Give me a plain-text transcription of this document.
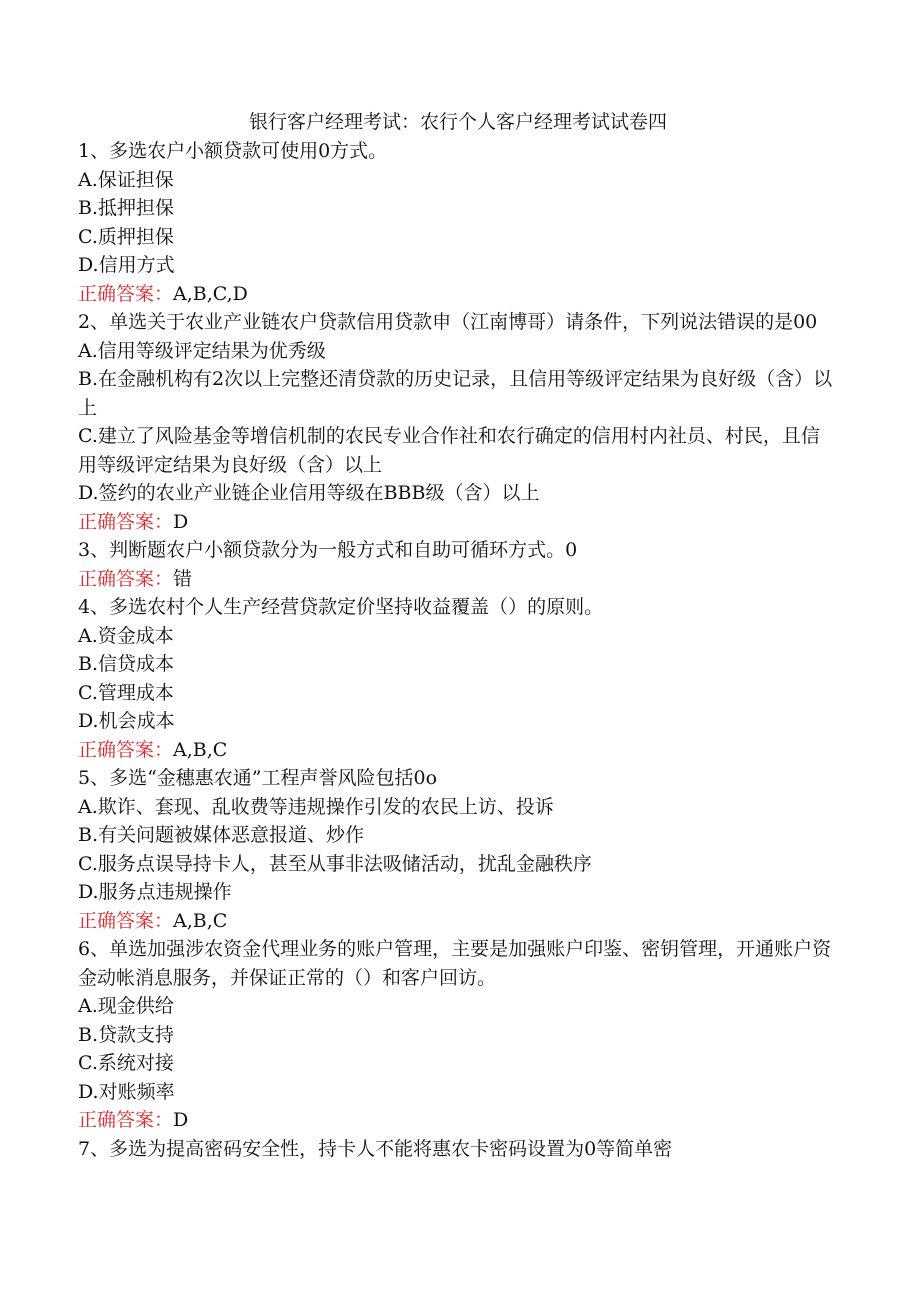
银行客户经理考试：农行个人客户经理考试试卷四
1、多选农户小额贷款可使用0方式。
A.保证担保
B.抵押担保
C.质押担保
D.信用方式
正确答案：A,B,C,D
2、单选关于农业产业链农户贷款信用贷款申（江南博哥）请条件，下列说法错误的是00
A.信用等级评定结果为优秀级
B.在金融机构有2次以上完整还清贷款的历史记录，且信用等级评定结果为良好级（含）以上
C.建立了风险基金等增信机制的农民专业合作社和农行确定的信用村内社员、村民，且信用等级评定结果为良好级（含）以上
D.签约的农业产业链企业信用等级在BBB级（含）以上
正确答案：D
3、判断题农户小额贷款分为一般方式和自助可循环方式。0
正确答案：错
4、多选农村个人生产经营贷款定价坚持收益覆盖（）的原则。
A.资金成本
B.信贷成本
C.管理成本
D.机会成本
正确答案：A,B,C
5、多选“金穗惠农通”工程声誉风险包括0o
A.欺诈、套现、乱收费等违规操作引发的农民上访、投诉
B.有关问题被媒体恶意报道、炒作
C.服务点误导持卡人，甚至从事非法吸储活动，扰乱金融秩序
D.服务点违规操作
正确答案：A,B,C
6、单选加强涉农资金代理业务的账户管理，主要是加强账户印鉴、密钥管理，开通账户资金动帐消息服务，并保证正常的（）和客户回访。
A.现金供给
B.贷款支持
C.系统对接
D.对账频率
正确答案：D
7、多选为提高密码安全性，持卡人不能将惠农卡密码设置为0等简单密
